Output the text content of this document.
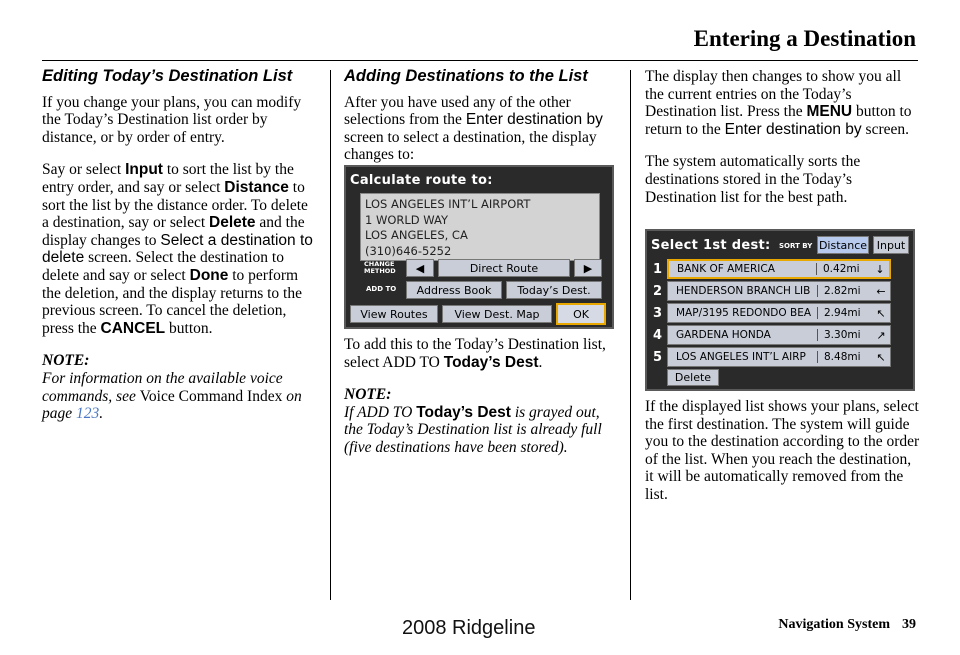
Entering a Destination
Editing Today’s Destination List

If you change your plans, you can modify the Today’s Destination list order by distance, or by order of entry.

Say or select Input to sort the list by the entry order, and say or select Distance to sort the list by the distance order. To delete a destination, say or select Delete and the display changes to Select a destination to delete screen. Select the destination to delete and say or select Done to perform the deletion, and the display returns to the previous screen. To cancel the deletion, press the CANCEL button.

NOTE:

For information on the available voice commands, see Voice Command Index on page 123.

Adding Destinations to the List

After you have used any of the other selections from the Enter destination by screen to select a destination, the display changes to:

Calculate route to:
LOS ANGELES INT’L AIRPORT
1 WORLD WAY
LOS ANGELES, CA
(310)646-5252
CHANGE
METHOD	◀	Direct Route	▶
ADD TO	Address Book	Today’s Dest.
View Routes	View Dest. Map	OK

To add this to the Today’s Destination list, select ADD TO Today’s Dest.

NOTE:

If ADD TO Today’s Dest is grayed out, the Today’s Destination list is already full (five destinations have been stored).

The display then changes to show you all the current entries on the Today’s Destination list. Press the MENU button to return to the Enter destination by screen.

The system automatically sorts the destinations stored in the Today’s Destination list for the best path.

Select 1st dest: SORT BY Distance Input
1	BANK OF AMERICA	0.42mi	↓
2	HENDERSON BRANCH LIB	2.82mi	←
3	MAP/3195 REDONDO BEA	2.94mi	↖
4	GARDENA HONDA	3.30mi	↗
5	LOS ANGELES INT’L AIRP	8.48mi	↖
Delete

If the displayed list shows your plans, select the first destination. The system will guide you to the destination according to the order of the list. When you reach the destination, it will be automatically removed from the list.

Navigation System 39
2008 Ridgeline
